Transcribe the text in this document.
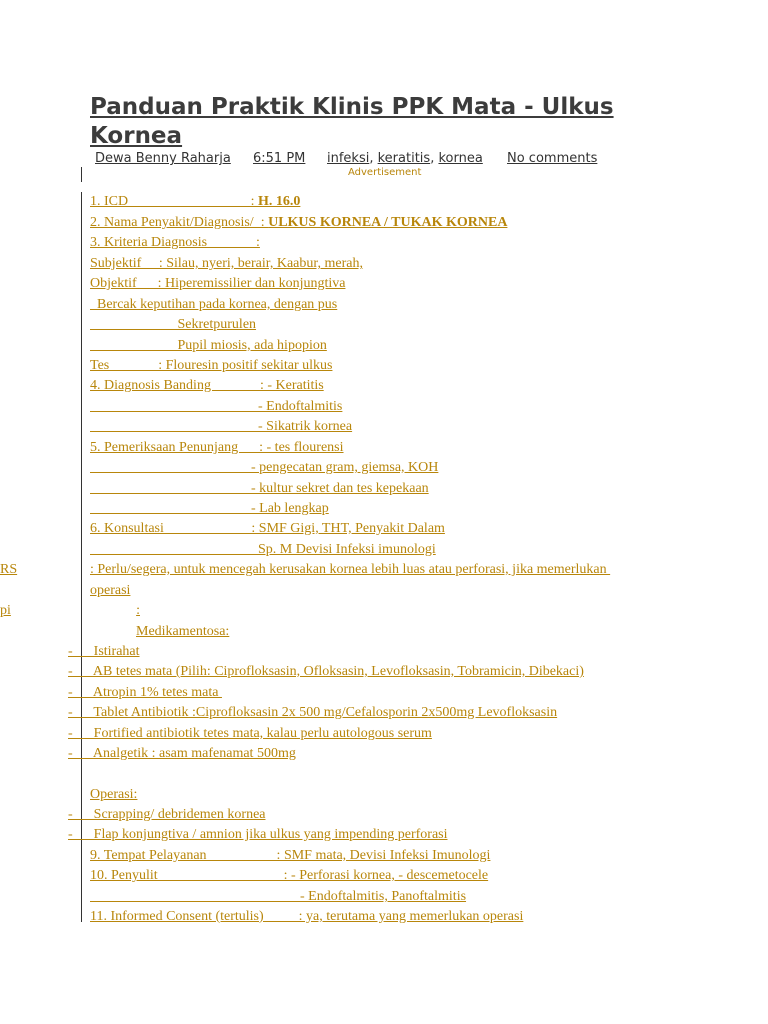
Panduan Praktik Klinis PPK Mata - Ulkus Kornea
Dewa Benny Raharja 6:51 PM infeksi, keratitis, kornea No comments
Advertisement
1. ICD                                   : H. 16.0
2. Nama Penyakit/Diagnosis/  : ULKUS KORNEA / TUKAK KORNEA
3. Kriteria Diagnosis              :
Subjektif     : Silau, nyeri, berair, Kaabur, merah,
Objektif      : Hiperemissilier dan konjungtiva
Bercak keputihan pada kornea, dengan pus
Sekretpurulen
Pupil miosis, ada hipopion
Tes              : Flouresin positif sekitar ulkus
4. Diagnosis Banding              : - Keratitis
- Endoftalmitis
- Sikatrik kornea
5. Pemeriksaan Penunjang      : - tes flourensi
- pengecatan gram, giemsa, KOH
- kultur sekret dan tes kepekaan
- Lab lengkap
6. Konsultasi                         : SMF Gigi, THT, Penyakit Dalam
Sp. M Devisi Infeksi imunologi
RS	: Perlu/segera, untuk mencegah kerusakan kornea lebih luas atau perforasi, jika memerlukan
operasi
pi	:
Medikamentosa:
-      Istirahat
-      AB tetes mata (Pilih: Ciprofloksasin, Ofloksasin, Levofloksasin, Tobramicin, Dibekaci)
-      Atropin 1% tetes mata
-      Tablet Antibiotik :Ciprofloksasin 2x 500 mg/Cefalosporin 2x500mg Levofloksasin
-      Fortified antibiotik tetes mata, kalau perlu autologous serum
-      Analgetik : asam mafenamat 500mg
Operasi:
-      Scrapping/ debridemen kornea
-      Flap konjungtiva / amnion jika ulkus yang impending perforasi
9. Tempat Pelayanan                    : SMF mata, Devisi Infeksi Imunologi
10. Penyulit                                    : - Perforasi kornea, - descemetocele
- Endoftalmitis, Panoftalmitis
11. Informed Consent (tertulis)          : ya, terutama yang memerlukan operasi
